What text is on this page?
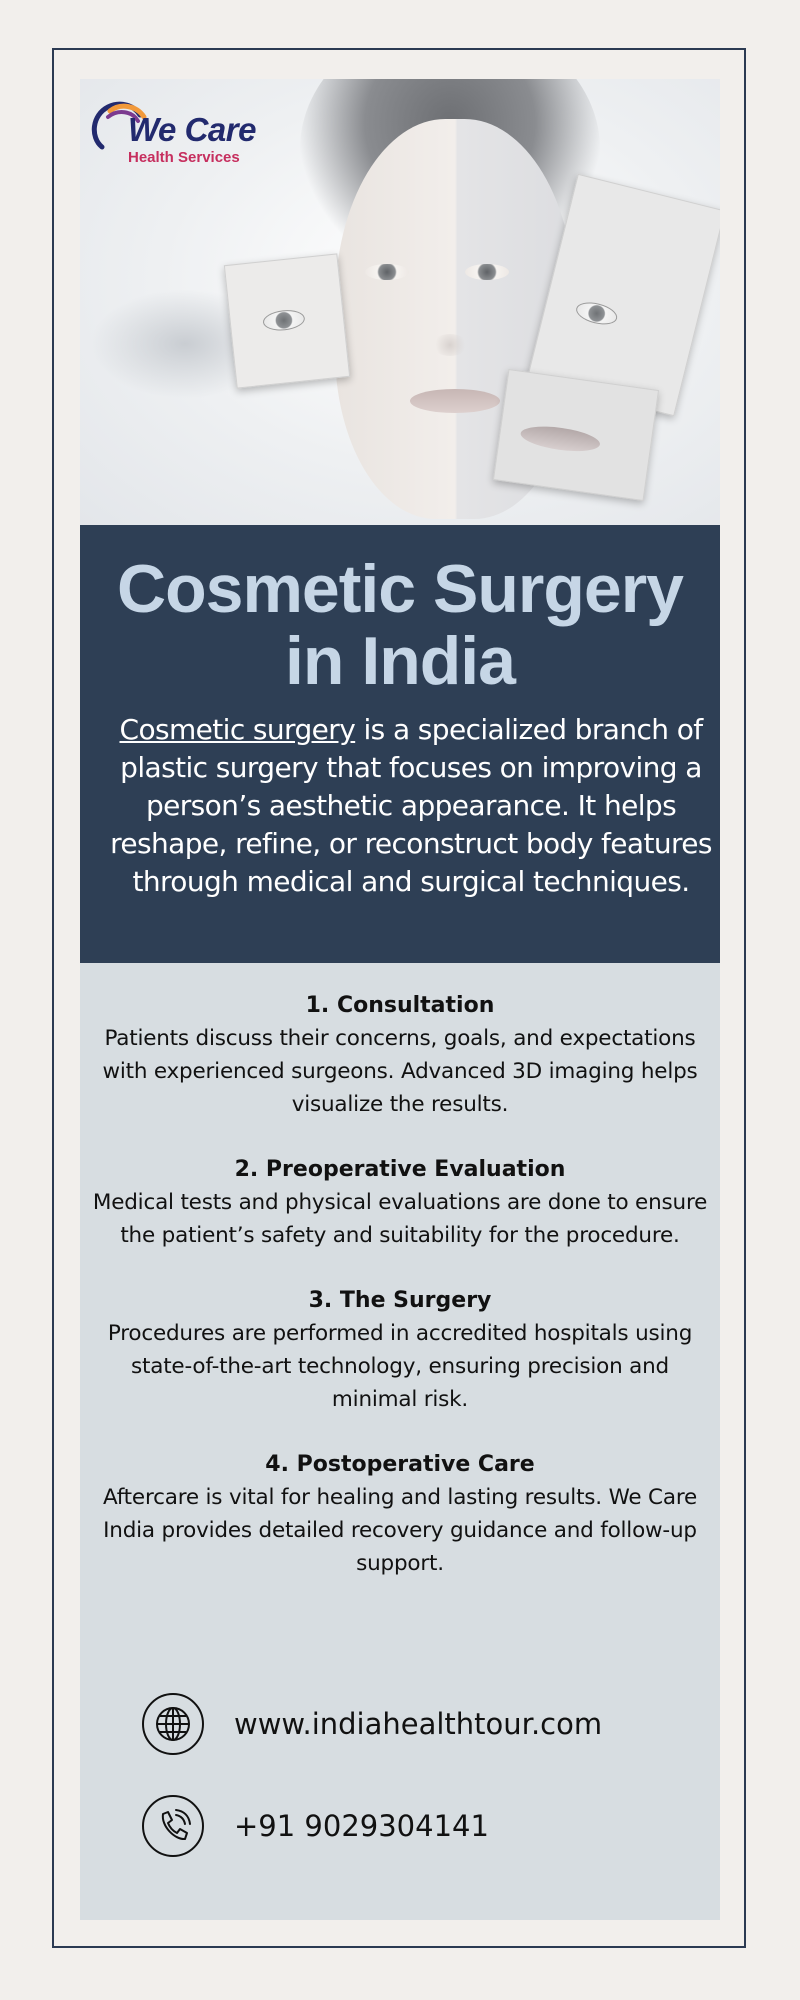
We Care
Health Services
Cosmetic Surgery in India
Cosmetic surgery is a specialized branch of plastic surgery that focuses on improving a person’s aesthetic appearance. It helps reshape, refine, or reconstruct body features through medical and surgical techniques.
1. Consultation

Patients discuss their concerns, goals, and expectations with experienced surgeons. Advanced 3D imaging helps visualize the results.

2. Preoperative Evaluation

Medical tests and physical evaluations are done to ensure the patient’s safety and suitability for the procedure.

3. The Surgery

Procedures are performed in accredited hospitals using state-of-the-art technology, ensuring precision and minimal risk.

4. Postoperative Care

Aftercare is vital for healing and lasting results. We Care India provides detailed recovery guidance and follow-up support.

www.indiahealthtour.com
+91 9029304141
